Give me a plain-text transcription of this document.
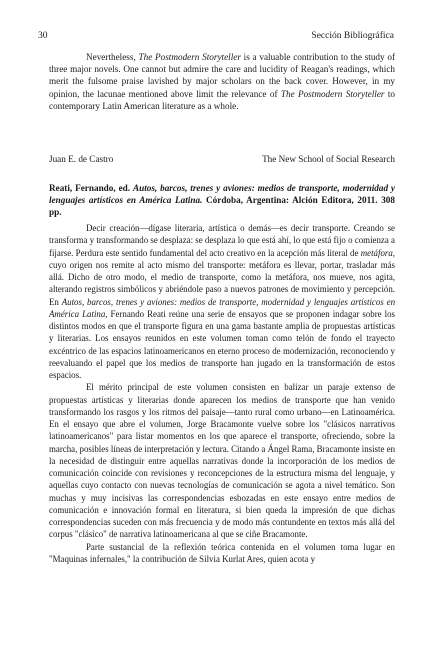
30	Sección Bibliográfica

Nevertheless, The Postmodern Storyteller is a valuable contribution to the study of three major novels. One cannot but admire the care and lucidity of Reagan's readings, which merit the fulsome praise lavished by major scholars on the back cover. However, in my opinion, the lacunae mentioned above limit the relevance of The Postmodern Storyteller to contemporary Latin American literature as a whole.

Juan E. de Castro	The New School of Social Research

Reati, Fernando, ed. Autos, barcos, trenes y aviones: medios de transporte, modernidad y lenguajes artísticos en América Latina. Córdoba, Argentina: Alción Editora, 2011. 308 pp.

Decir creación—dígase literaria, artística o demás—es decir transporte. Creando se transforma y transformando se desplaza: se desplaza lo que está ahí, lo que está fijo o comienza a fijarse. Perdura este sentido fundamental del acto creativo en la acepción más literal de metáfora, cuyo origen nos remite al acto mismo del transporte: metáfora es llevar, portar, trasladar más allá. Dicho de otro modo, el medio de transporte, como la metáfora, nos mueve, nos agita, alterando registros simbólicos y abriéndole paso a nuevos patrones de movimiento y percepción. En Autos, barcos, trenes y aviones: medios de transporte, modernidad y lenguajes artísticos en América Latina, Fernando Reati reúne una serie de ensayos que se proponen indagar sobre los distintos modos en que el transporte figura en una gama bastante amplia de propuestas artísticas y literarias. Los ensayos reunidos en este volumen toman como telón de fondo el trayecto excéntrico de las espacios latinoamericanos en eterno proceso de modernización, reconociendo y reevaluando el papel que los medios de transporte han jugado en la transformación de estos espacios.

El mérito principal de este volumen consisten en balizar un paraje extenso de propuestas artísticas y literarias donde aparecen los medios de transporte que han venido transformando los rasgos y los ritmos del paisaje—tanto rural como urbano—en Latinoamérica. En el ensayo que abre el volumen, Jorge Bracamonte vuelve sobre los "clásicos narrativos latinoamericanos" para listar momentos en los que aparece el transporte, ofreciendo, sobre la marcha, posibles líneas de interpretación y lectura. Citando a Ángel Rama, Bracamonte insiste en la necesidad de distinguir entre aquellas narrativas donde la incorporación de los medios de comunicación coincide con revisiones y reconcepciones de la estructura misma del lenguaje, y aquellas cuyo contacto con nuevas tecnologías de comunicación se agota a nivel temático. Son muchas y muy incisivas las correspondencias esbozadas en este ensayo entre medios de comunicación e innovación formal en literatura, si bien queda la impresión de que dichas correspondencias suceden con más frecuencia y de modo más contundente en textos más allá del corpus "clásico" de narrativa latinoamericana al que se ciñe Bracamonte.

Parte sustancial de la reflexión teórica contenida en el volumen toma lugar en "Maquinas infernales," la contribución de Silvia Kurlat Ares, quien acota y
